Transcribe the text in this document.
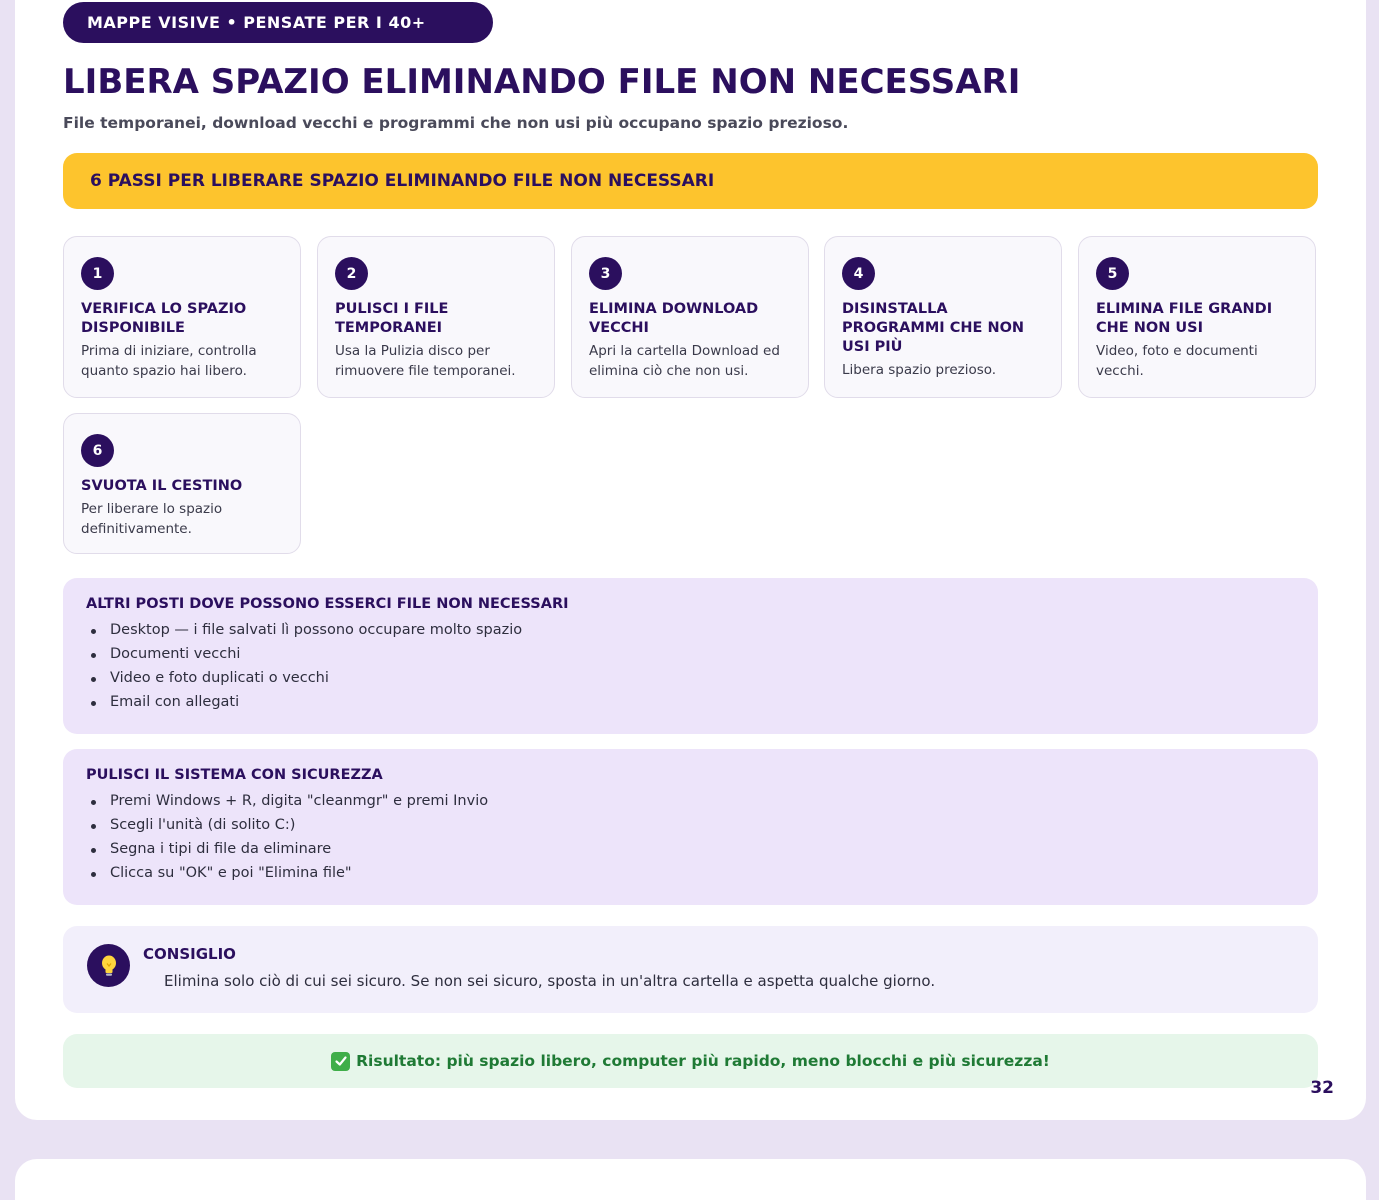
MAPPE VISIVE • PENSATE PER I 40+
LIBERA SPAZIO ELIMINANDO FILE NON NECESSARI

File temporanei, download vecchi e programmi che non usi più occupano spazio prezioso.

6 PASSI PER LIBERARE SPAZIO ELIMINANDO FILE NON NECESSARI
1
VERIFICA LO SPAZIO DISPONIBILE
Prima di iniziare, controlla quanto spazio hai libero.
2
PULISCI I FILE TEMPORANEI
Usa la Pulizia disco per rimuovere file temporanei.
3
ELIMINA DOWNLOAD VECCHI
Apri la cartella Download ed elimina ciò che non usi.
4
DISINSTALLA PROGRAMMI CHE NON USI PIÙ
Libera spazio prezioso.
5
ELIMINA FILE GRANDI CHE NON USI
Video, foto e documenti vecchi.
6
SVUOTA IL CESTINO
Per liberare lo spazio definitivamente.
ALTRI POSTI DOVE POSSONO ESSERCI FILE NON NECESSARI
Desktop — i file salvati lì possono occupare molto spazio
Documenti vecchi
Video e foto duplicati o vecchi
Email con allegati
PULISCI IL SISTEMA CON SICUREZZA
Premi Windows + R, digita "cleanmgr" e premi Invio
Scegli l'unità (di solito C:)
Segna i tipi di file da eliminare
Clicca su "OK" e poi "Elimina file"
CONSIGLIO
Elimina solo ciò di cui sei sicuro. Se non sei sicuro, sposta in un'altra cartella e aspetta qualche giorno.
Risultato: più spazio libero, computer più rapido, meno blocchi e più sicurezza!
32
